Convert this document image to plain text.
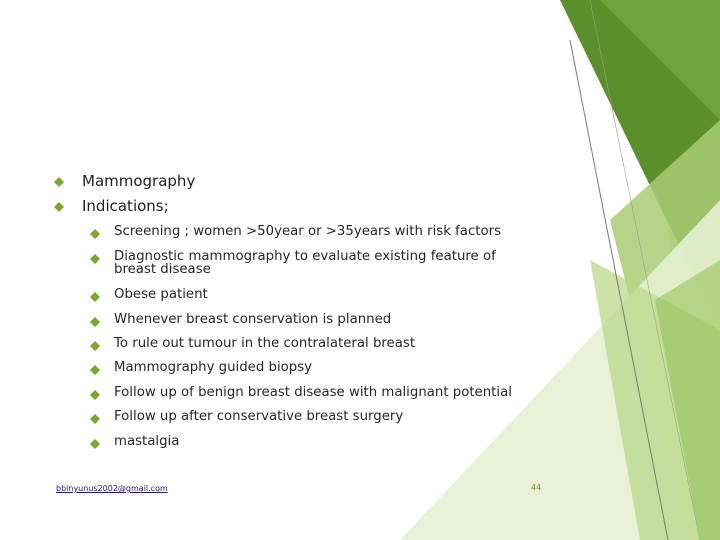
Mammography
Indications;
Screening ; women >50year or >35years with risk factors
Diagnostic mammography to evaluate existing feature of breast disease
Obese patient
Whenever breast conservation is planned
To rule out tumour in the contralateral breast
Mammography guided biopsy
Follow up of benign breast disease with malignant potential
Follow up after conservative breast surgery
mastalgia
bbinyunus2002@gmail.com	44
